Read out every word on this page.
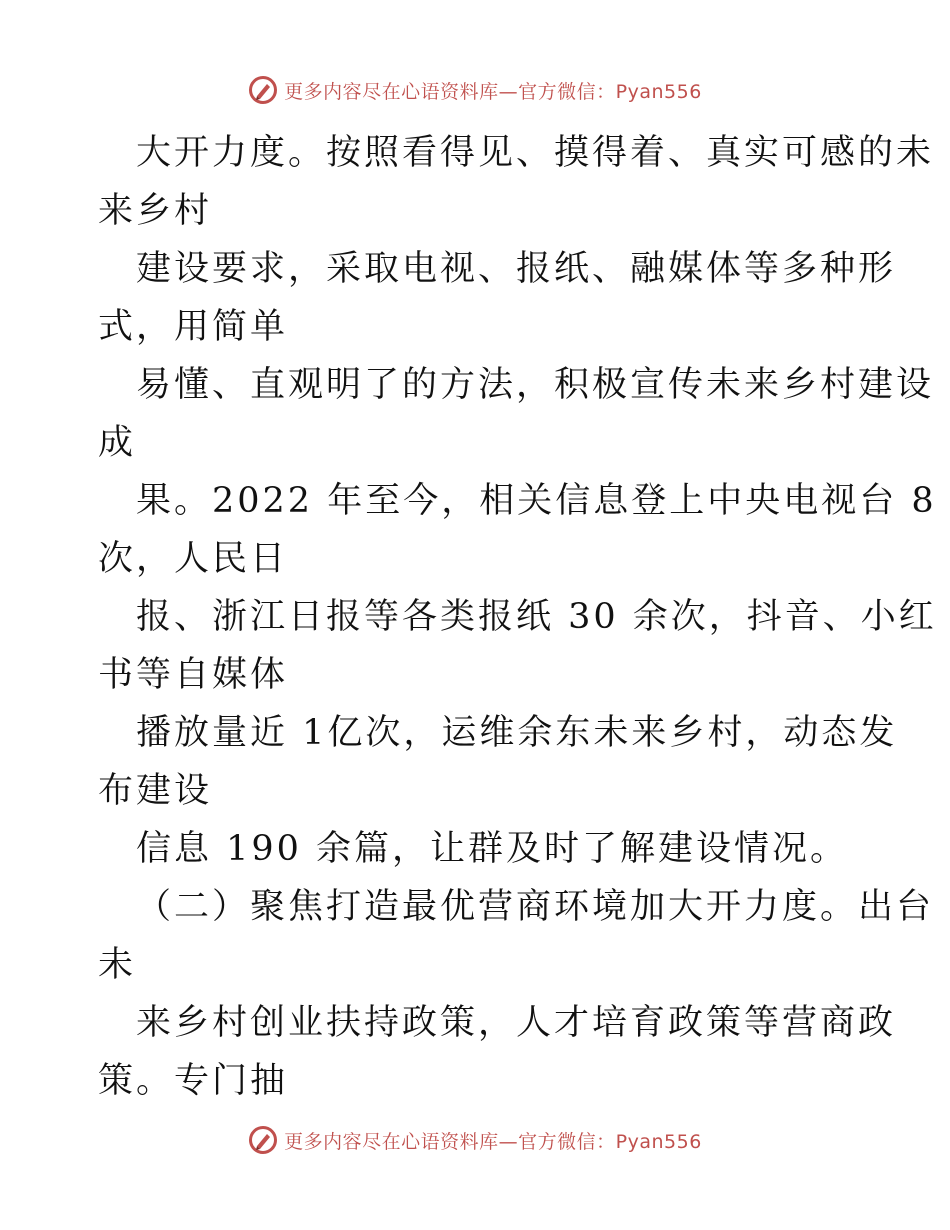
更多内容尽在心语资料库—官方微信：Pyan556
大开力度。按照看得见、摸得着、真实可感的未
来乡村
建设要求，采取电视、报纸、融媒体等多种形
式，用简单
易懂、直观明了的方法，积极宣传未来乡村建设
成
果。2022 年至今，相关信息登上中央电视台 8
次，人民日
报、浙江日报等各类报纸 30 余次，抖音、小红
书等自媒体
播放量近 1亿次，运维余东未来乡村，动态发
布建设
信息 190 余篇，让群及时了解建设情况。
（二）聚焦打造最优营商环境加大开力度。出台
未
来乡村创业扶持政策，人才培育政策等营商政
策。专门抽
更多内容尽在心语资料库—官方微信：Pyan556
